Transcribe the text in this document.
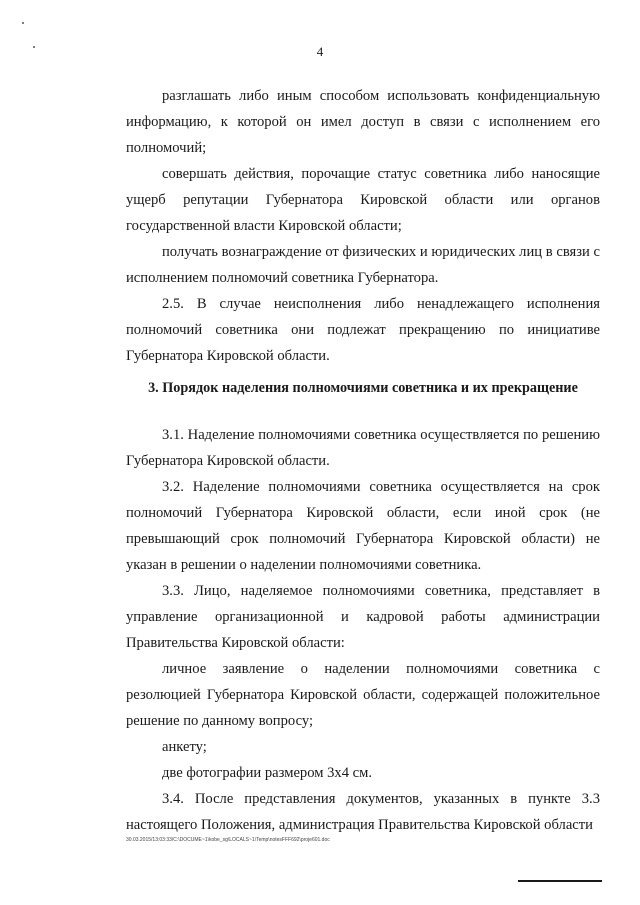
4

разглашать либо иным способом использовать конфиденциальную информацию, к которой он имел доступ в связи с исполнением его полномочий;

совершать действия, порочащие статус советника либо наносящие ущерб репутации Губернатора Кировской области или органов государственной власти Кировской области;

получать вознаграждение от физических и юридических лиц в связи с исполнением полномочий советника Губернатора.

2.5. В случае неисполнения либо ненадлежащего исполнения полномочий советника они подлежат прекращению по инициативе Губернатора Кировской области.

3. Порядок наделения полномочиями советника и их прекращение

3.1. Наделение полномочиями советника осуществляется по решению Губернатора Кировской области.

3.2. Наделение полномочиями советника осуществляется на срок полномочий Губернатора Кировской области, если иной срок (не превышающий срок полномочий Губернатора Кировской области) не указан в решении о наделении полномочиями советника.

3.3. Лицо, наделяемое полномочиями советника, представляет в управление организационной и кадровой работы администрации Правительства Кировской области:

личное заявление о наделении полномочиями советника с резолюцией Губернатора Кировской области, содержащей положительное решение по данному вопросу;

анкету;

две фотографии размером 3х4 см.

3.4. После представления документов, указанных в пункте 3.3 настоящего Положения, администрация Правительства Кировской области

30.03.2015/13:03:33/C:\DOCUME~1\kobe_sg\LOCALS~1\Temp\notesFFF692\proje601.doc
